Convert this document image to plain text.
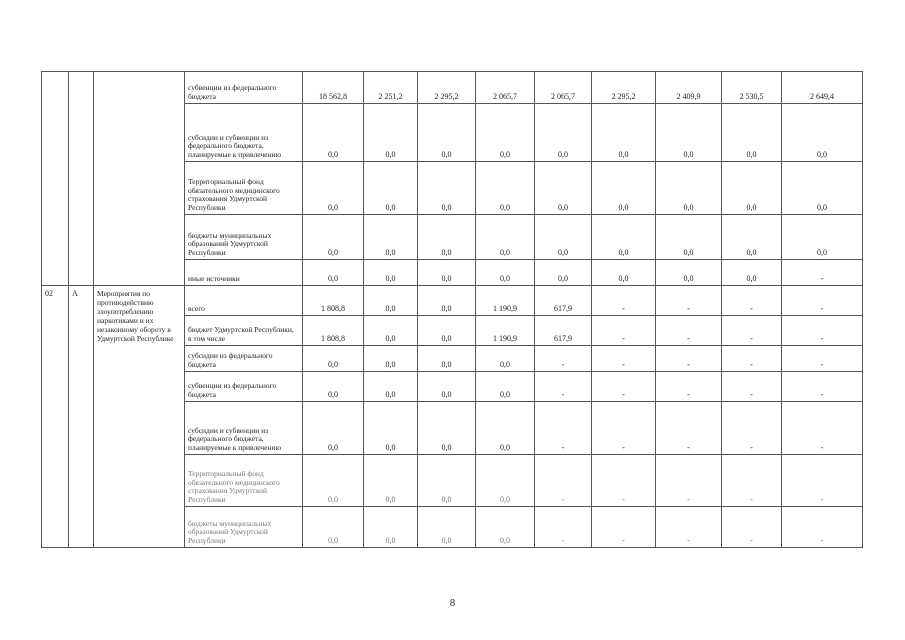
			субвенции из федерального бюджета	18 562,8	2 251,2	2 295,2	2 065,7	2 065,7	2 295,2	2 409,9	2 530,5	2 649,4
			субсидии и субвенции из федерального бюджета, планируемые к привлечению	0,0	0,0	0,0	0,0	0,0	0,0	0,0	0,0	0,0
			Территориальный фонд обязательного медицинского страхования Удмуртской Республики	0,0	0,0	0,0	0,0	0,0	0,0	0,0	0,0	0,0
			бюджеты муниципальных образований Удмуртской Республики	0,0	0,0	0,0	0,0	0,0	0,0	0,0	0,0	0,0
			иные источники	0,0	0,0	0,0	0,0	0,0	0,0	0,0	0,0	-
02	А	Мероприятия по противодействию злоупотреблению наркотиками и их незаконному обороту в Удмуртской Республике	всего	1 808,8	0,0	0,0	1 190,9	617,9	-	-	-	-
			бюджет Удмуртской Республики, в том числе	1 808,8	0,0	0,0	1 190,9	617,9	-	-	-	-
			субсидии из федерального бюджета	0,0	0,0	0,0	0,0	-	-	-	-	-
			субвенции из федерального бюджета	0,0	0,0	0,0	0,0	-	-	-	-	-
			субсидии и субвенции из федерального бюджета, планируемые к привлечению	0,0	0,0	0,0	0,0	-	-	-	-	-
			Территориальный фонд обязательного медицинского страхования Удмуртской Республики	0,0	0,0	0,0	0,0	-	-	-	-	-
			бюджеты муниципальных образований Удмуртской Республики	0,0	0,0	0,0	0,0	-	-	-	-	-
8
